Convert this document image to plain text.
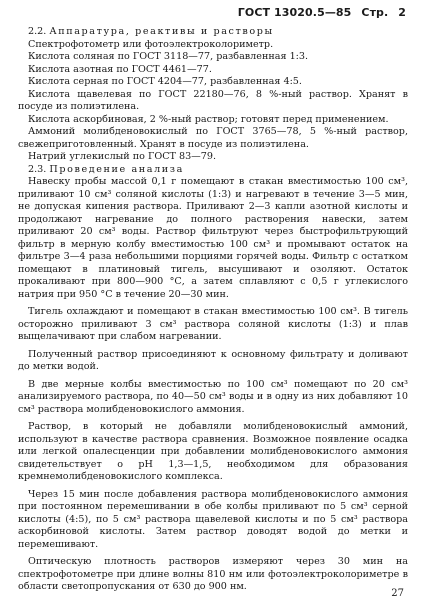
ГОСТ 13020.5—85 Стр. 2

2.2. Аппаратура, реактивы и растворы

Спектрофотометр или фотоэлектроколориметр.

Кислота соляная по ГОСТ 3118—77, разбавленная 1:3.

Кислота азотная по ГОСТ 4461—77.

Кислота серная по ГОСТ 4204—77, разбавленная 4:5.

Кислота щавелевая по ГОСТ 22180—76, 8 %-ный раствор. Хранят в посуде из полиэтилена.

Кислота аскорбиновая, 2 %-ный раствор; готовят перед применением.

Аммоний молибденовокислый по ГОСТ 3765—78, 5 %-ный раствор, свежеприготовленный. Хранят в посуде из полиэтилена.

Натрий углекислый по ГОСТ 83—79.

2.3. Проведение анализа

Навеску пробы массой 0,1 г помещают в стакан вместимостью 100 см³, приливают 10 см³ соляной кислоты (1:3) и нагревают в течение 3—5 мин, не допуская кипения раствора. Приливают 2—3 капли азотной кислоты и продолжают нагревание до полного растворения навески, затем приливают 20 см³ воды. Раствор фильтруют через быстрофильтрующий фильтр в мерную колбу вместимостью 100 см³ и промывают остаток на фильтре 3—4 раза небольшими порциями горячей воды. Фильтр с остатком помещают в платиновый тигель, высушивают и озоляют. Остаток прокаливают при 800—900 °С, а затем сплавляют с 0,5 г углекислого натрия при 950 °С в течение 20—30 мин.

Тигель охлаждают и помещают в стакан вместимостью 100 см³. В тигель осторожно приливают 3 см³ раствора соляной кислоты (1:3) и плав выщелачивают при слабом нагревании.

Полученный раствор присоединяют к основному фильтрату и доливают до метки водой.

В две мерные колбы вместимостью по 100 см³ помещают по 20 см³ анализируемого раствора, по 40—50 см³ воды и в одну из них добавляют 10 см³ раствора молибденовокислого аммония.

Раствор, в который не добавляли молибденовокислый аммоний, используют в качестве раствора сравнения. Возможное появление осадка или легкой опалесценции при добавлении молибденовокислого аммония свидетельствует о рН 1,3—1,5, необходимом для образования кремнемолибденовокислого комплекса.

Через 15 мин после добавления раствора молибденовокислого аммония при постоянном перемешивании в обе колбы приливают по 5 см³ серной кислоты (4:5), по 5 см³ раствора щавелевой кислоты и по 5 см³ раствора аскорбиновой кислоты. Затем раствор доводят водой до метки и перемешивают.

Оптическую плотность растворов измеряют через 30 мин на спектрофотометре при длине волны 810 нм или фотоэлектроколориметре в области светопропускания от 630 до 900 нм.

27
